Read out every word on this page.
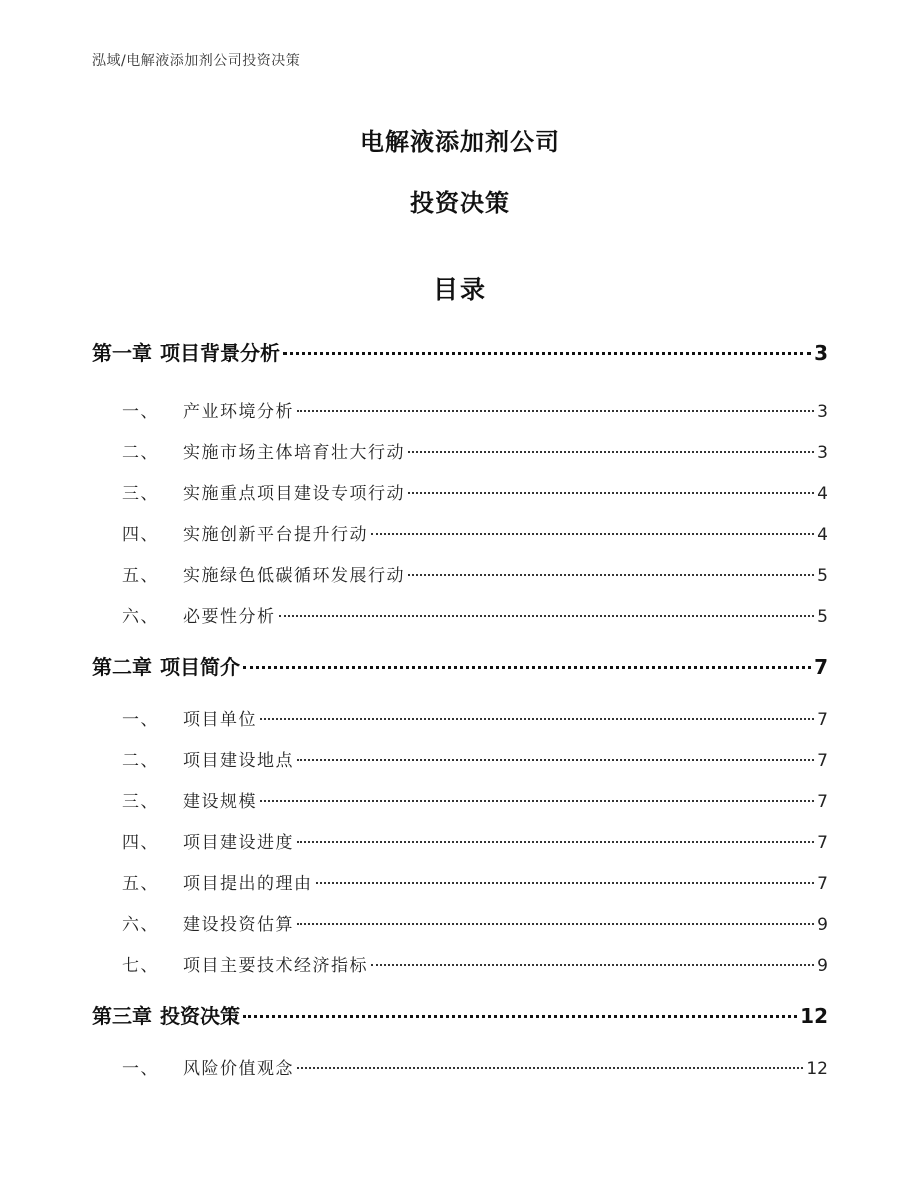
泓域/电解液添加剂公司投资决策
电解液添加剂公司
投资决策
目录
第一章 项目背景分析	3
一、 产业环境分析	3
二、 实施市场主体培育壮大行动	3
三、 实施重点项目建设专项行动	4
四、 实施创新平台提升行动	4
五、 实施绿色低碳循环发展行动	5
六、 必要性分析	5
第二章 项目简介	7
一、 项目单位	7
二、 项目建设地点	7
三、 建设规模	7
四、 项目建设进度	7
五、 项目提出的理由	7
六、 建设投资估算	9
七、 项目主要技术经济指标	9
第三章 投资决策	12
一、 风险价值观念	12
